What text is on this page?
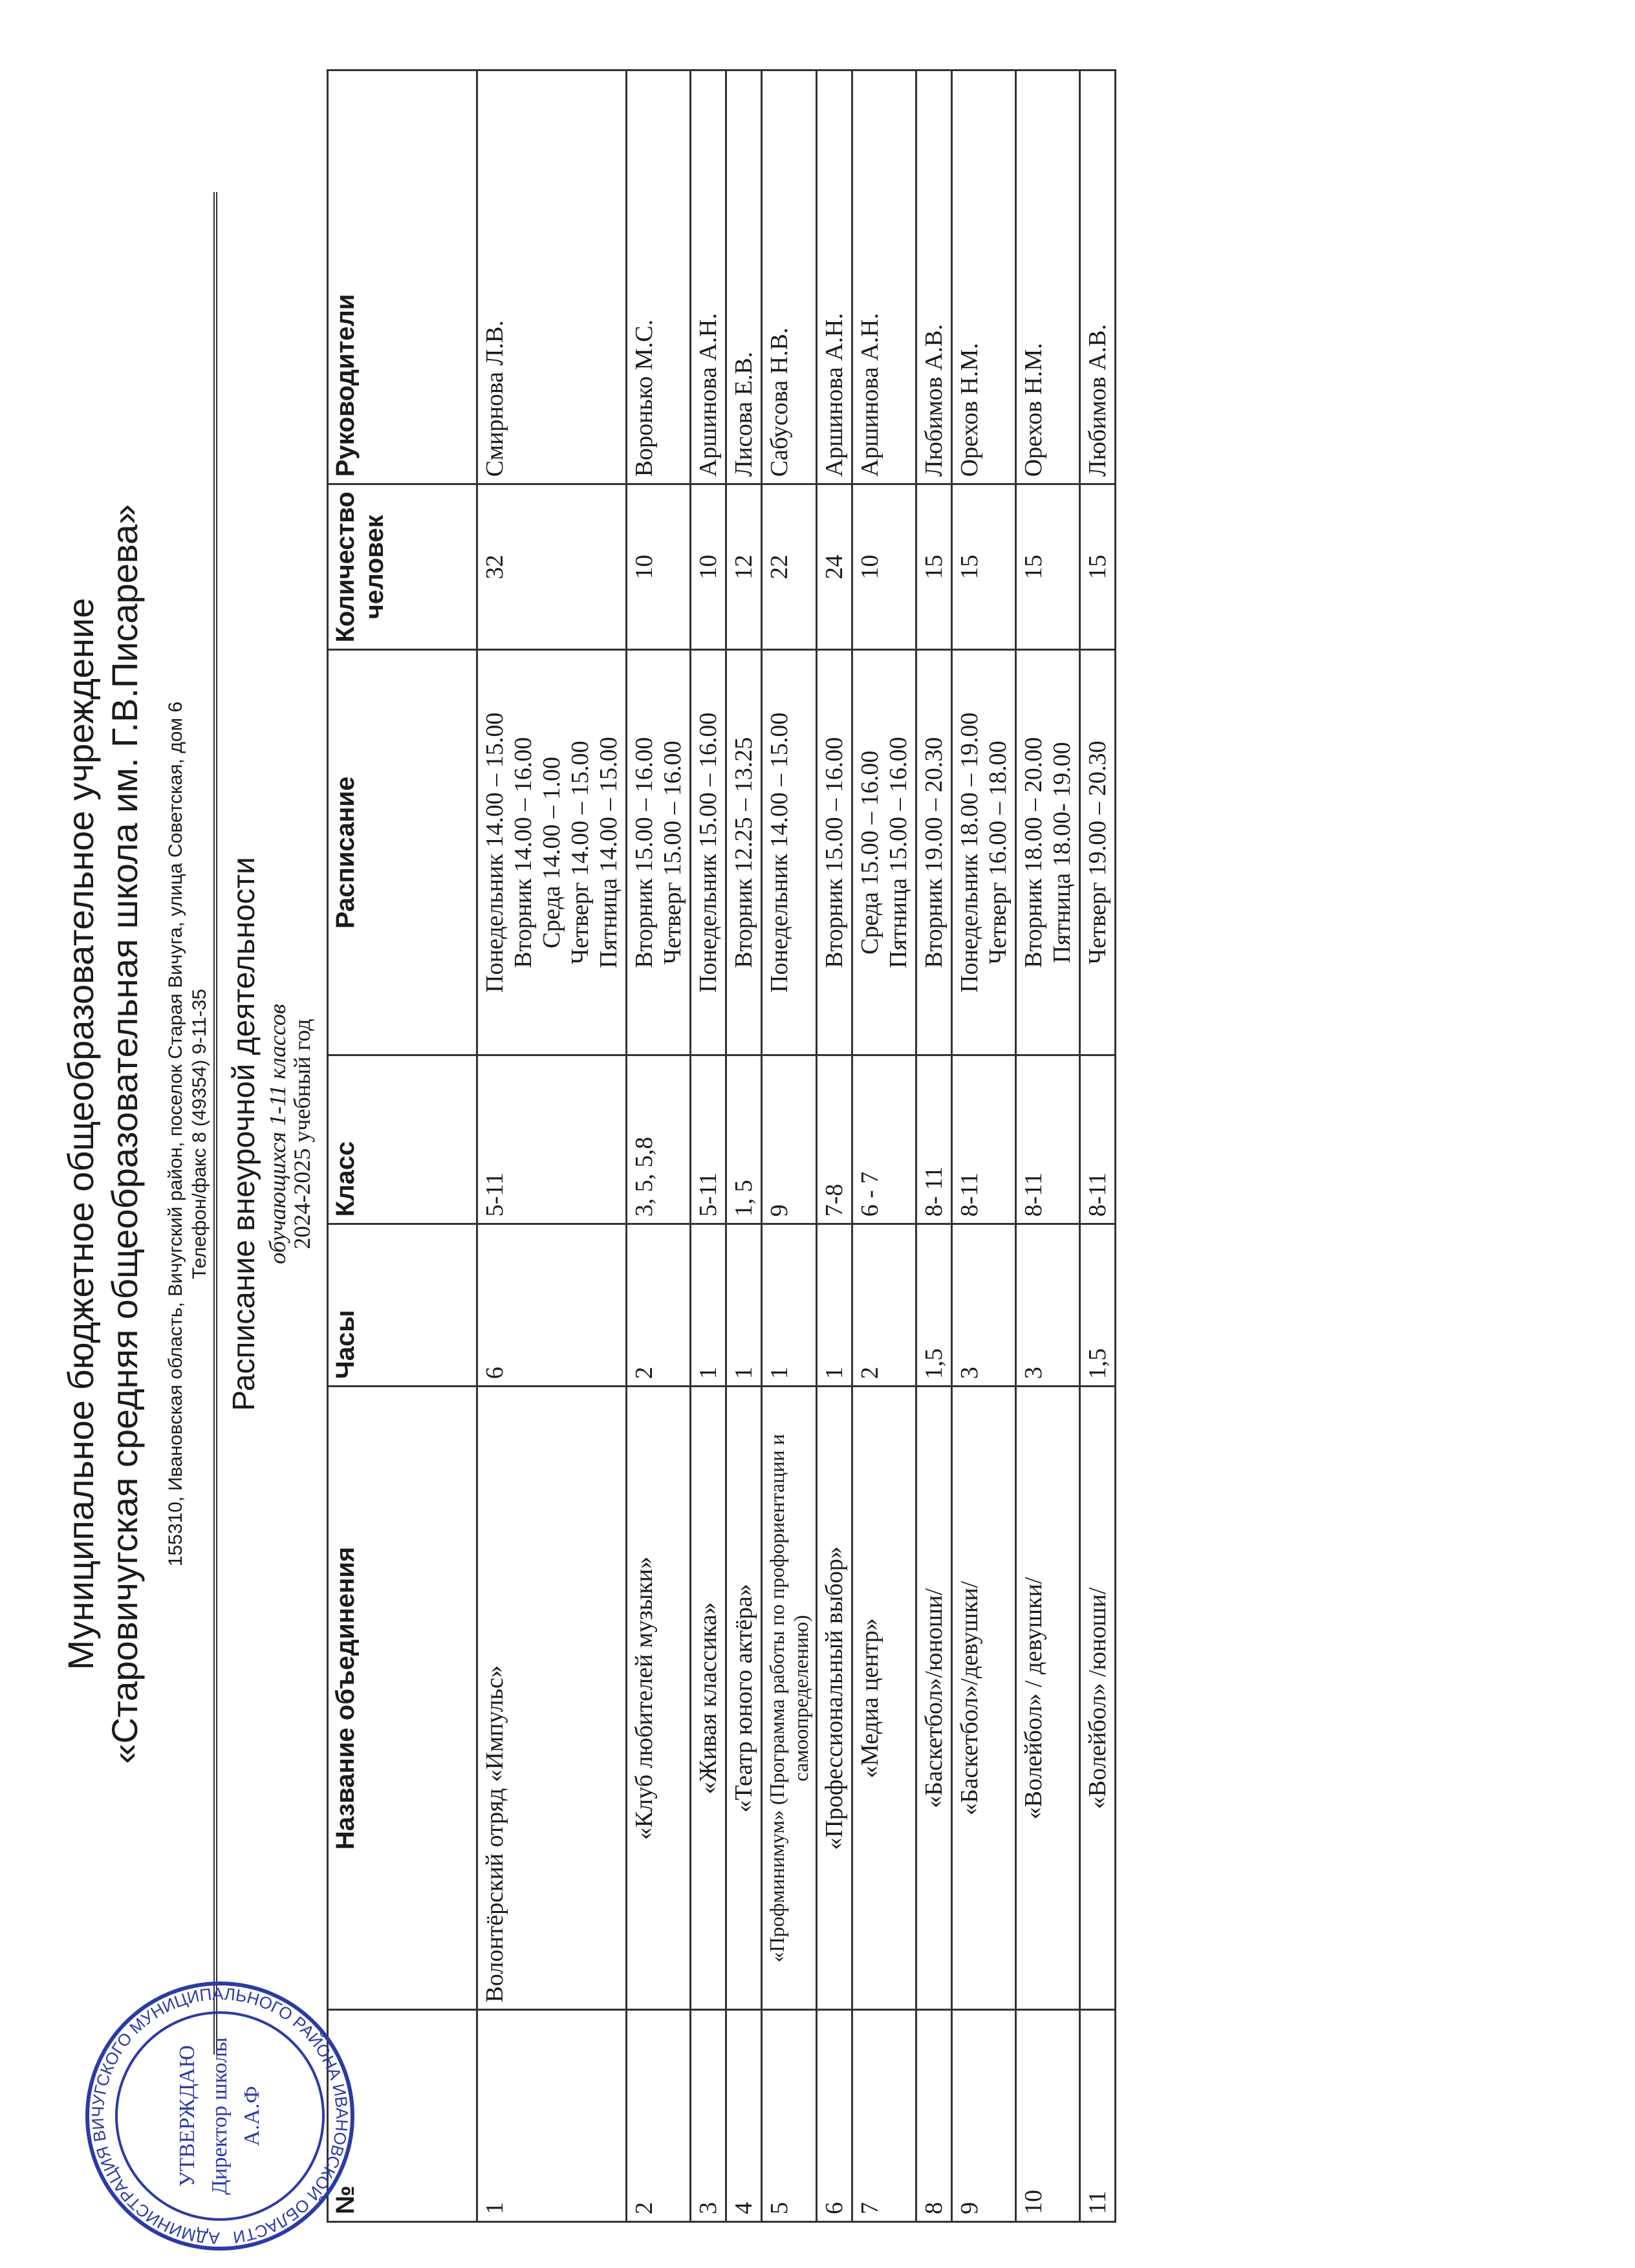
Муниципальное бюджетное общеобразовательное учреждение «Старовичугская средняя общеобразовательная школа им. Г.В.Писарева» 155310, Ивановская область, Вичугский район, поселок Старая Вичуга, улица Советская, дом 6 Телефон/факс 8 (49354) 9-11-35 Расписание внеурочной деятельности обучающихся 1-11 классов
2024-2025 учебный год
№	Название объединения	Часы	Класс	Расписание	Количество человек	Руководители
1	Волонтёрский отряд «Импульс»	6	5-11	Понедельник 14.00 – 15.00 Вторник 14.00 – 16.00 Среда 14.00 – 1.00 Четверг 14.00 – 15.00 Пятница 14.00 – 15.00	32	Смирнова Л.В.
2	«Клуб любителей музыки»	2	3, 5, 5,8	Вторник 15.00 – 16.00 Четверг 15.00 – 16.00	10	Воронько М.С.
3	«Живая классика»	1	5-11	Понедельник 15.00 – 16.00	10	Аршинова А.Н.
4	«Театр юного актёра»	1	1, 5	Вторник 12.25 – 13.25	12	Лисова Е.В.
5	«Профминимум» (Программа работы по профориентации и самоопределению)	1	9	Понедельник 14.00 – 15.00	22	Сабусова Н.В.
6	«Профессиональный выбор»	1	7-8	Вторник 15.00 – 16.00	24	Аршинова А.Н.
7	«Медиа центр»	2	6 - 7	Среда 15.00 – 16.00 Пятница 15.00 – 16.00	10	Аршинова А.Н.
8	«Баскетбол»/юноши/	1,5	8- 11	Вторник 19.00 – 20.30	15	Любимов А.В.
9	«Баскетбол»/девушки/	3	8-11	Понедельник 18.00 – 19.00 Четверг 16.00 – 18.00	15	Орехов Н.М.
10	«Волейбол» / девушки/	3	8-11	Вторник 18.00 – 20.00 Пятница 18.00- 19.00	15	Орехов Н.М.
11	«Волейбол» /юноши/	1,5	8-11	Четверг 19.00 – 20.30	15	Любимов А.В.
АДМИНИСТРАЦИЯ ВИЧУГСКОГО МУНИЦИПАЛЬНОГО РАЙОНА ИВАНОВСКОЙ ОБЛАСТИ
УТВЕРЖДАЮ Директор школы А.А.Ф
